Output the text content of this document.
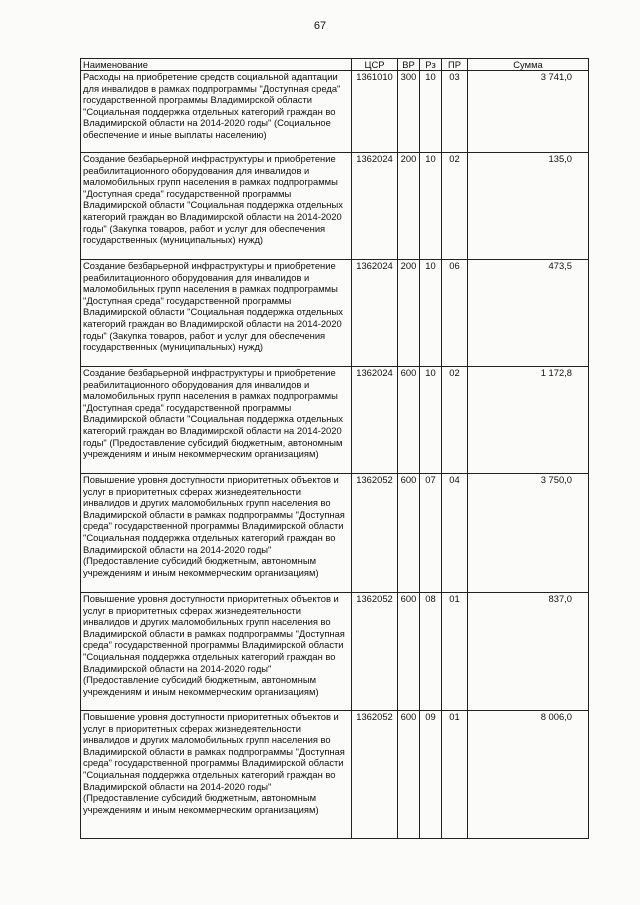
67
Наименование	ЦСР	ВР	Рз	ПР	Сумма
Расходы на приобретение средств социальной адаптации для инвалидов в рамках подпрограммы "Доступная среда" государственной программы Владимирской области "Социальная поддержка отдельных категорий граждан во Владимирской области на 2014-2020 годы" (Социальное обеспечение и иные выплаты населению)	1361010	300	10	03	3 741,0
Создание безбарьерной инфраструктуры и приобретение реабилитационного оборудования для инвалидов и маломобильных групп населения в рамках подпрограммы "Доступная среда" государственной программы Владимирской области "Социальная поддержка отдельных категорий граждан во Владимирской области на 2014-2020 годы" (Закупка товаров, работ и услуг для обеспечения государственных (муниципальных) нужд)	1362024	200	10	02	135,0
Создание безбарьерной инфраструктуры и приобретение реабилитационного оборудования для инвалидов и маломобильных групп населения в рамках подпрограммы "Доступная среда" государственной программы Владимирской области "Социальная поддержка отдельных категорий граждан во Владимирской области на 2014-2020 годы" (Закупка товаров, работ и услуг для обеспечения государственных (муниципальных) нужд)	1362024	200	10	06	473,5
Создание безбарьерной инфраструктуры и приобретение реабилитационного оборудования для инвалидов и маломобильных групп населения в рамках подпрограммы "Доступная среда" государственной программы Владимирской области "Социальная поддержка отдельных категорий граждан во Владимирской области на 2014-2020 годы" (Предоставление субсидий бюджетным, автономным учреждениям и иным некоммерческим организациям)	1362024	600	10	02	1 172,8
Повышение уровня доступности приоритетных объектов и услуг в приоритетных сферах жизнедеятельности инвалидов и других маломобильных групп населения во Владимирской области в рамках подпрограммы "Доступная среда" государственной программы Владимирской области "Социальная поддержка отдельных категорий граждан во Владимирской области на 2014-2020 годы" (Предоставление субсидий бюджетным, автономным учреждениям и иным некоммерческим организациям)	1362052	600	07	04	3 750,0
Повышение уровня доступности приоритетных объектов и услуг в приоритетных сферах жизнедеятельности инвалидов и других маломобильных групп населения во Владимирской области в рамках подпрограммы "Доступная среда" государственной программы Владимирской области "Социальная поддержка отдельных категорий граждан во Владимирской области на 2014-2020 годы" (Предоставление субсидий бюджетным, автономным учреждениям и иным некоммерческим организациям)	1362052	600	08	01	837,0
Повышение уровня доступности приоритетных объектов и услуг в приоритетных сферах жизнедеятельности инвалидов и других маломобильных групп населения во Владимирской области в рамках подпрограммы "Доступная среда" государственной программы Владимирской области "Социальная поддержка отдельных категорий граждан во Владимирской области на 2014-2020 годы" (Предоставление субсидий бюджетным, автономным учреждениям и иным некоммерческим организациям)	1362052	600	09	01	8 006,0
